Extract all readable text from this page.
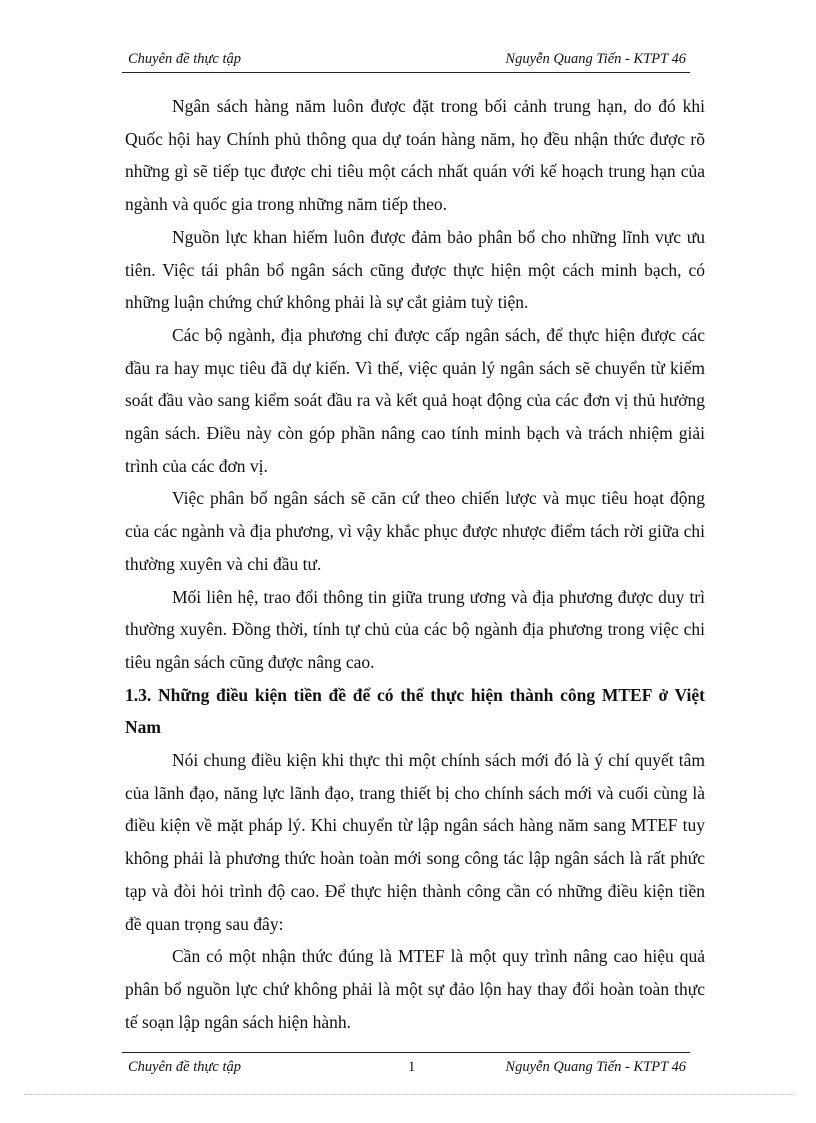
Chuyên đề thực tập	Nguyễn Quang Tiến - KTPT 46

Ngân sách hàng năm luôn được đặt trong bối cảnh trung hạn, do đó khi Quốc hội hay Chính phủ thông qua dự toán hàng năm, họ đều nhận thức được rõ những gì sẽ tiếp tục được chi tiêu một cách nhất quán với kế hoạch trung hạn của ngành và quốc gia trong những năm tiếp theo.

Nguồn lực khan hiếm luôn được đảm bảo phân bổ cho những lĩnh vực ưu tiên. Việc tái phân bổ ngân sách cũng được thực hiện một cách minh bạch, có những luận chứng chứ không phải là sự cắt giảm tuỳ tiện.

Các bộ ngành, địa phương chỉ được cấp ngân sách, để thực hiện được các đầu ra hay mục tiêu đã dự kiến. Vì thế, việc quản lý ngân sách sẽ chuyển từ kiểm soát đầu vào sang kiểm soát đầu ra và kết quả hoạt động của các đơn vị thủ hưởng ngân sách. Điều này còn góp phần nâng cao tính minh bạch và trách nhiệm giải trình của các đơn vị.

Việc phân bổ ngân sách sẽ căn cứ theo chiến lược và mục tiêu hoạt động của các ngành và địa phương, vì vậy khắc phục được nhược điểm tách rời giữa chi thường xuyên và chi đầu tư.

Mối liên hệ, trao đổi thông tin giữa trung ương và địa phương được duy trì thường xuyên. Đồng thời, tính tự chủ của các bộ ngành địa phương trong việc chi tiêu ngân sách cũng được nâng cao.

1.3. Những điều kiện tiền đề để có thể thực hiện thành công MTEF ở Việt Nam

Nói chung điều kiện khi thực thi một chính sách mới đó là ý chí quyết tâm của lãnh đạo, năng lực lãnh đạo, trang thiết bị cho chính sách mới và cuối cùng là điều kiện về mặt pháp lý. Khi chuyển từ lập ngân sách hàng năm sang MTEF tuy không phải là phương thức hoàn toàn mới song công tác lập ngân sách là rất phức tạp và đòi hỏi trình độ cao. Để thực hiện thành công cần có những điều kiện tiền đề quan trọng sau đây:

Cần có một nhận thức đúng là MTEF là một quy trình nâng cao hiệu quả phân bổ nguồn lực chứ không phải là một sự đảo lộn hay thay đổi hoàn toàn thực tế soạn lập ngân sách hiện hành.

Chuyên đề thực tập	1	Nguyễn Quang Tiến - KTPT 46
